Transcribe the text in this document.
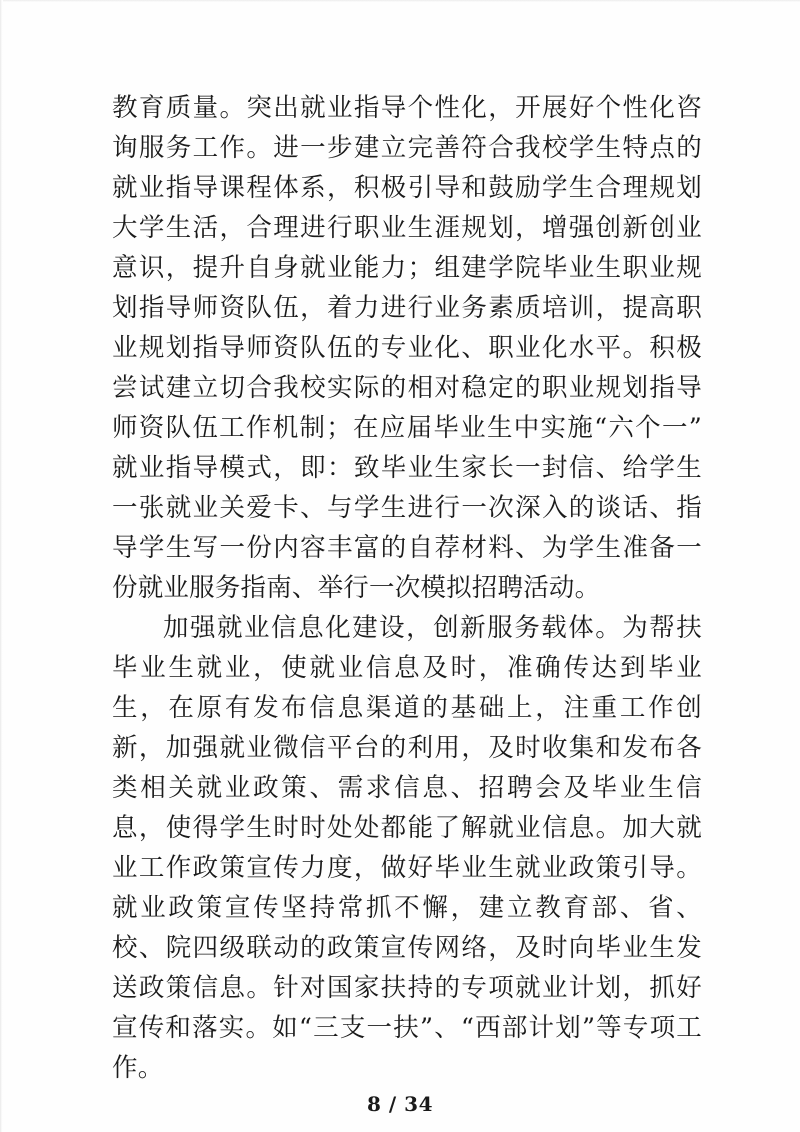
教育质量。突出就业指导个性化，开展好个性化咨询服务工作。进一步建立完善符合我校学生特点的就业指导课程体系，积极引导和鼓励学生合理规划大学生活，合理进行职业生涯规划，增强创新创业意识，提升自身就业能力；组建学院毕业生职业规划指导师资队伍，着力进行业务素质培训，提高职业规划指导师资队伍的专业化、职业化水平。积极尝试建立切合我校实际的相对稳定的职业规划指导师资队伍工作机制；在应届毕业生中实施“六个一”就业指导模式，即：致毕业生家长一封信、给学生一张就业关爱卡、与学生进行一次深入的谈话、指导学生写一份内容丰富的自荐材料、为学生准备一份就业服务指南、举行一次模拟招聘活动。

加强就业信息化建设，创新服务载体。为帮扶毕业生就业，使就业信息及时，准确传达到毕业生，在原有发布信息渠道的基础上，注重工作创新，加强就业微信平台的利用，及时收集和发布各类相关就业政策、需求信息、招聘会及毕业生信息，使得学生时时处处都能了解就业信息。加大就业工作政策宣传力度，做好毕业生就业政策引导。就业政策宣传坚持常抓不懈，建立教育部、省、校、院四级联动的政策宣传网络，及时向毕业生发送政策信息。针对国家扶持的专项就业计划，抓好宣传和落实。如“三支一扶”、“西部计划”等专项工作。

8 / 34
